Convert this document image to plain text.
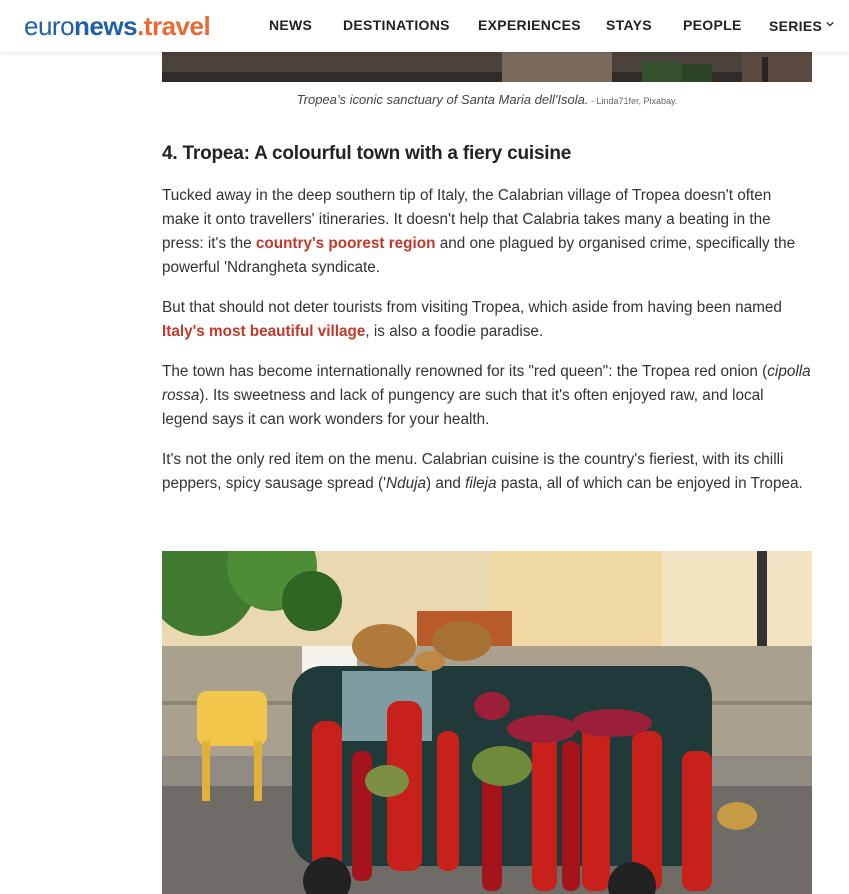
euronews.travel	NEWS DESTINATIONS EXPERIENCES STAYS PEOPLE SERIES
Tropea’s iconic sanctuary of Santa Maria dell'Isola. - Linda71fer, Pixabay.
4. Tropea: A colourful town with a fiery cuisine

Tucked away in the deep southern tip of Italy, the Calabrian village of Tropea doesn't often make it onto travellers' itineraries. It doesn't help that Calabria takes many a beating in the press: it's the country's poorest region and one plagued by organised crime, specifically the powerful 'Ndrangheta syndicate.

But that should not deter tourists from visiting Tropea, which aside from having been named Italy's most beautiful village, is also a foodie paradise.

The town has become internationally renowned for its "red queen": the Tropea red onion (cipolla rossa). Its sweetness and lack of pungency are such that it's often enjoyed raw, and local legend says it can work wonders for your health.

It's not the only red item on the menu. Calabrian cuisine is the country's fieriest, with its chilli peppers, spicy sausage spread ('Nduja) and fileja pasta, all of which can be enjoyed in Tropea.
